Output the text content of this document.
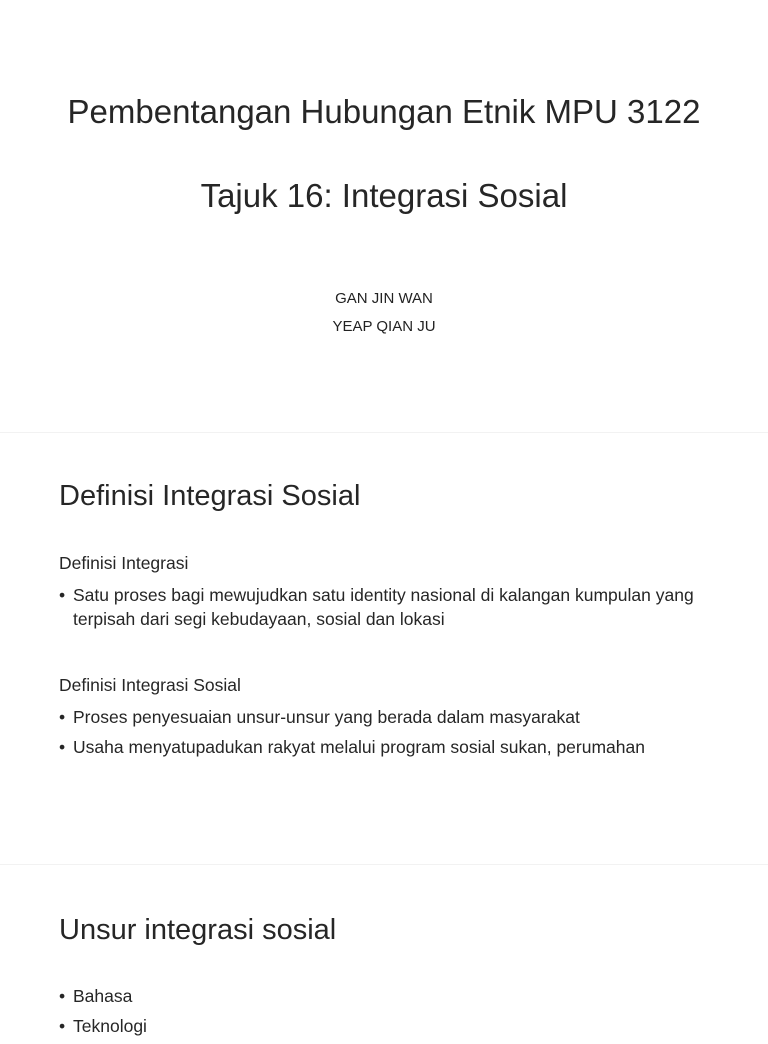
Pembentangan Hubungan Etnik MPU 3122
Tajuk 16: Integrasi Sosial
GAN JIN WAN
YEAP QIAN JU
Definisi Integrasi Sosial
Definisi Integrasi
• Satu proses bagi mewujudkan satu identity nasional di kalangan kumpulan yang terpisah dari segi kebudayaan, sosial dan lokasi
Definisi Integrasi Sosial
• Proses penyesuaian unsur-unsur yang berada dalam masyarakat
• Usaha menyatupadukan rakyat melalui program sosial sukan, perumahan
Unsur integrasi sosial
• Bahasa
• Teknologi
